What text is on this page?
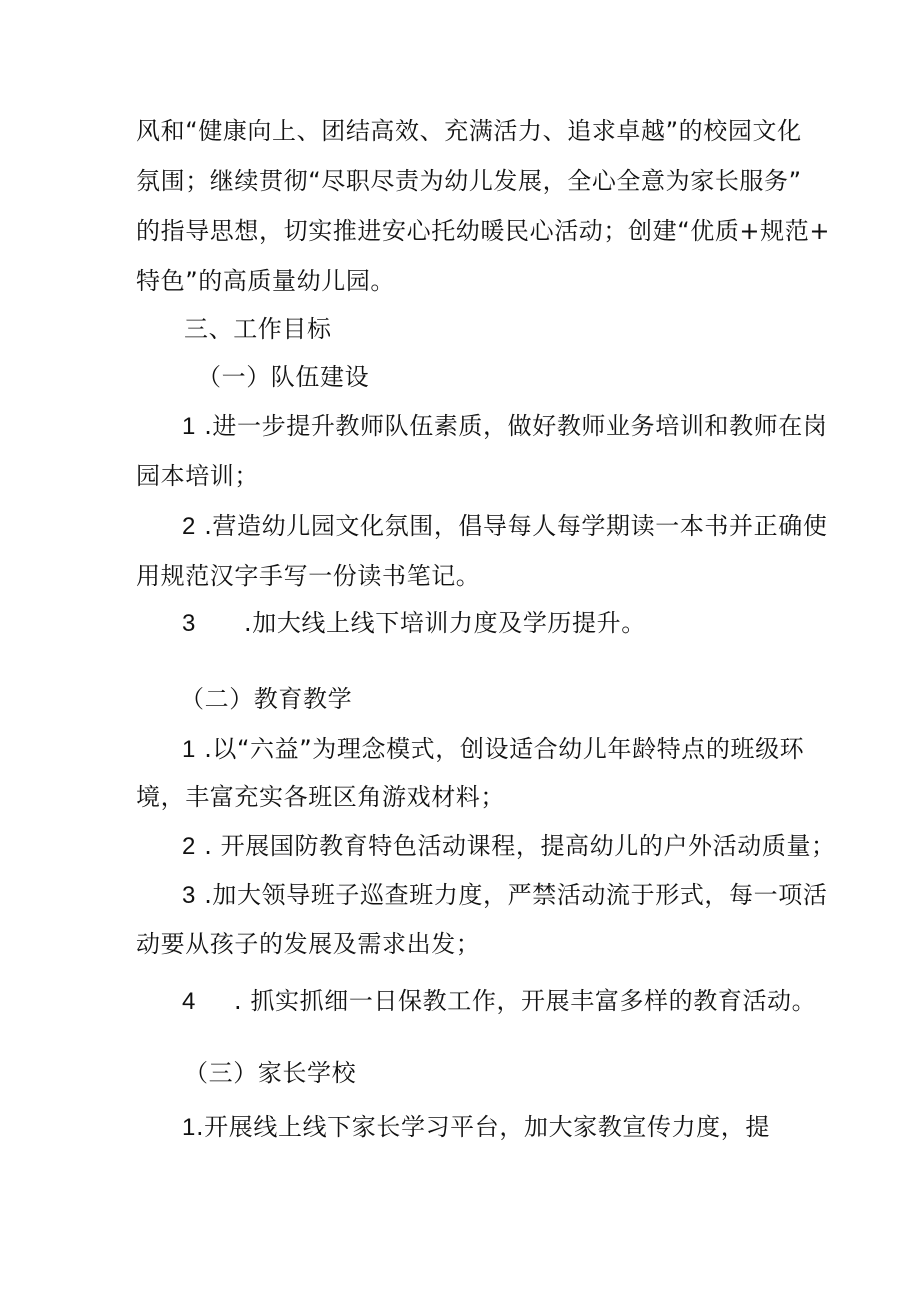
风和“健康向上、团结高效、充满活力、追求卓越”的校园文化
氛围；继续贯彻“尽职尽责为幼儿发展，全心全意为家长服务”
的指导思想，切实推进安心托幼暖民心活动；创建“优质+规范+
特色”的高质量幼儿园。
三、工作目标
（一）队伍建设
1 .进一步提升教师队伍素质，做好教师业务培训和教师在岗
园本培训；
2 .营造幼儿园文化氛围，倡导每人每学期读一本书并正确使
用规范汉字手写一份读书笔记。
3 .加大线上线下培训力度及学历提升。
（二）教育教学
1 .以“六益”为理念模式，创设适合幼儿年龄特点的班级环
境，丰富充实各班区角游戏材料；
2 . 开展国防教育特色活动课程，提高幼儿的户外活动质量；
3 .加大领导班子巡查班力度，严禁活动流于形式，每一项活
动要从孩子的发展及需求出发；
4 . 抓实抓细一日保教工作，开展丰富多样的教育活动。
（三）家长学校
1.开展线上线下家长学习平台，加大家教宣传力度，提
